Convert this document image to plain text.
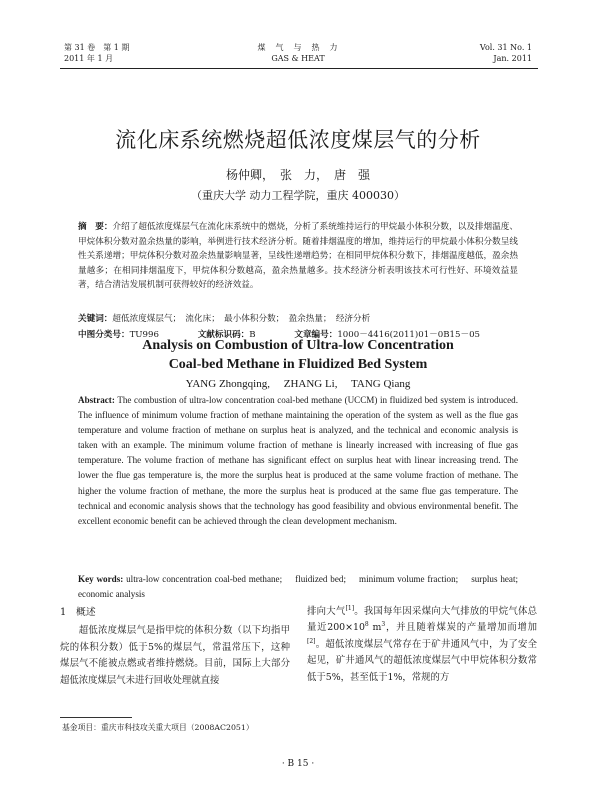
第 31 卷　第 1 期
2011 年 1 月
煤　气　与　热　力
GAS & HEAT
Vol. 31 No. 1
Jan. 2011
流化床系统燃烧超低浓度煤层气的分析
杨仲卿，　张　力，　唐　强
（重庆大学 动力工程学院，重庆 400030）
摘　要：介绍了超低浓度煤层气在流化床系统中的燃烧，分析了系统维持运行的甲烷最小体积分数，以及排烟温度、甲烷体积分数对盈余热量的影响，举例进行技术经济分析。随着排烟温度的增加，维持运行的甲烷最小体积分数呈线性关系递增；甲烷体积分数对盈余热量影响显著，呈线性递增趋势；在相同甲烷体积分数下，排烟温度越低，盈余热量越多；在相同排烟温度下，甲烷体积分数越高，盈余热量越多。技术经济分析表明该技术可行性好、环境效益显著，结合清洁发展机制可获得较好的经济效益。
关键词：超低浓度煤层气；　流化床；　最小体积分数；　盈余热量；　经济分析
中图分类号：TU996	文献标识码：B	文章编号：1000－4416(2011)01－0B15－05
Analysis on Combustion of Ultra-low Concentration
Coal-bed Methane in Fluidized Bed System
YANG Zhongqing,　 ZHANG Li,　 TANG Qiang
Abstract: The combustion of ultra-low concentration coal-bed methane (UCCM) in fluidized bed system is introduced. The influence of minimum volume fraction of methane maintaining the operation of the system as well as the flue gas temperature and volume fraction of methane on surplus heat is analyzed, and the technical and economic analysis is taken with an example. The minimum volume fraction of methane is linearly increased with increasing of flue gas temperature. The volume fraction of methane has significant effect on surplus heat with linear increasing trend. The lower the flue gas temperature is, the more the surplus heat is produced at the same volume fraction of methane. The higher the volume fraction of methane, the more the surplus heat is produced at the same flue gas temperature. The technical and economic analysis shows that the technology has good feasibility and obvious environmental benefit. The excellent economic benefit can be achieved through the clean development mechanism.
Key words: ultra-low concentration coal-bed methane;　 fluidized bed;　 minimum volume fraction;　 surplus heat;　 economic analysis
1　概述
超低浓度煤层气是指甲烷的体积分数（以下均指甲烷的体积分数）低于5%的煤层气，常温常压下，这种煤层气不能被点燃或者维持燃烧。目前，国际上大部分超低浓度煤层气未进行回收处理就直接
排向大气[1]。我国每年因采煤向大气排放的甲烷气体总量近$200\times 10^8$ $m^3$，并且随着煤炭的产量增加而增加[2]。超低浓度煤层气常存在于矿井通风气中，为了安全起见，矿井通风气的超低浓度煤层气中甲烷体积分数常低于5%，甚至低于1%，常规的方
基金项目：重庆市科技攻关重大项目（2008AC2051）
· B 15 ·
